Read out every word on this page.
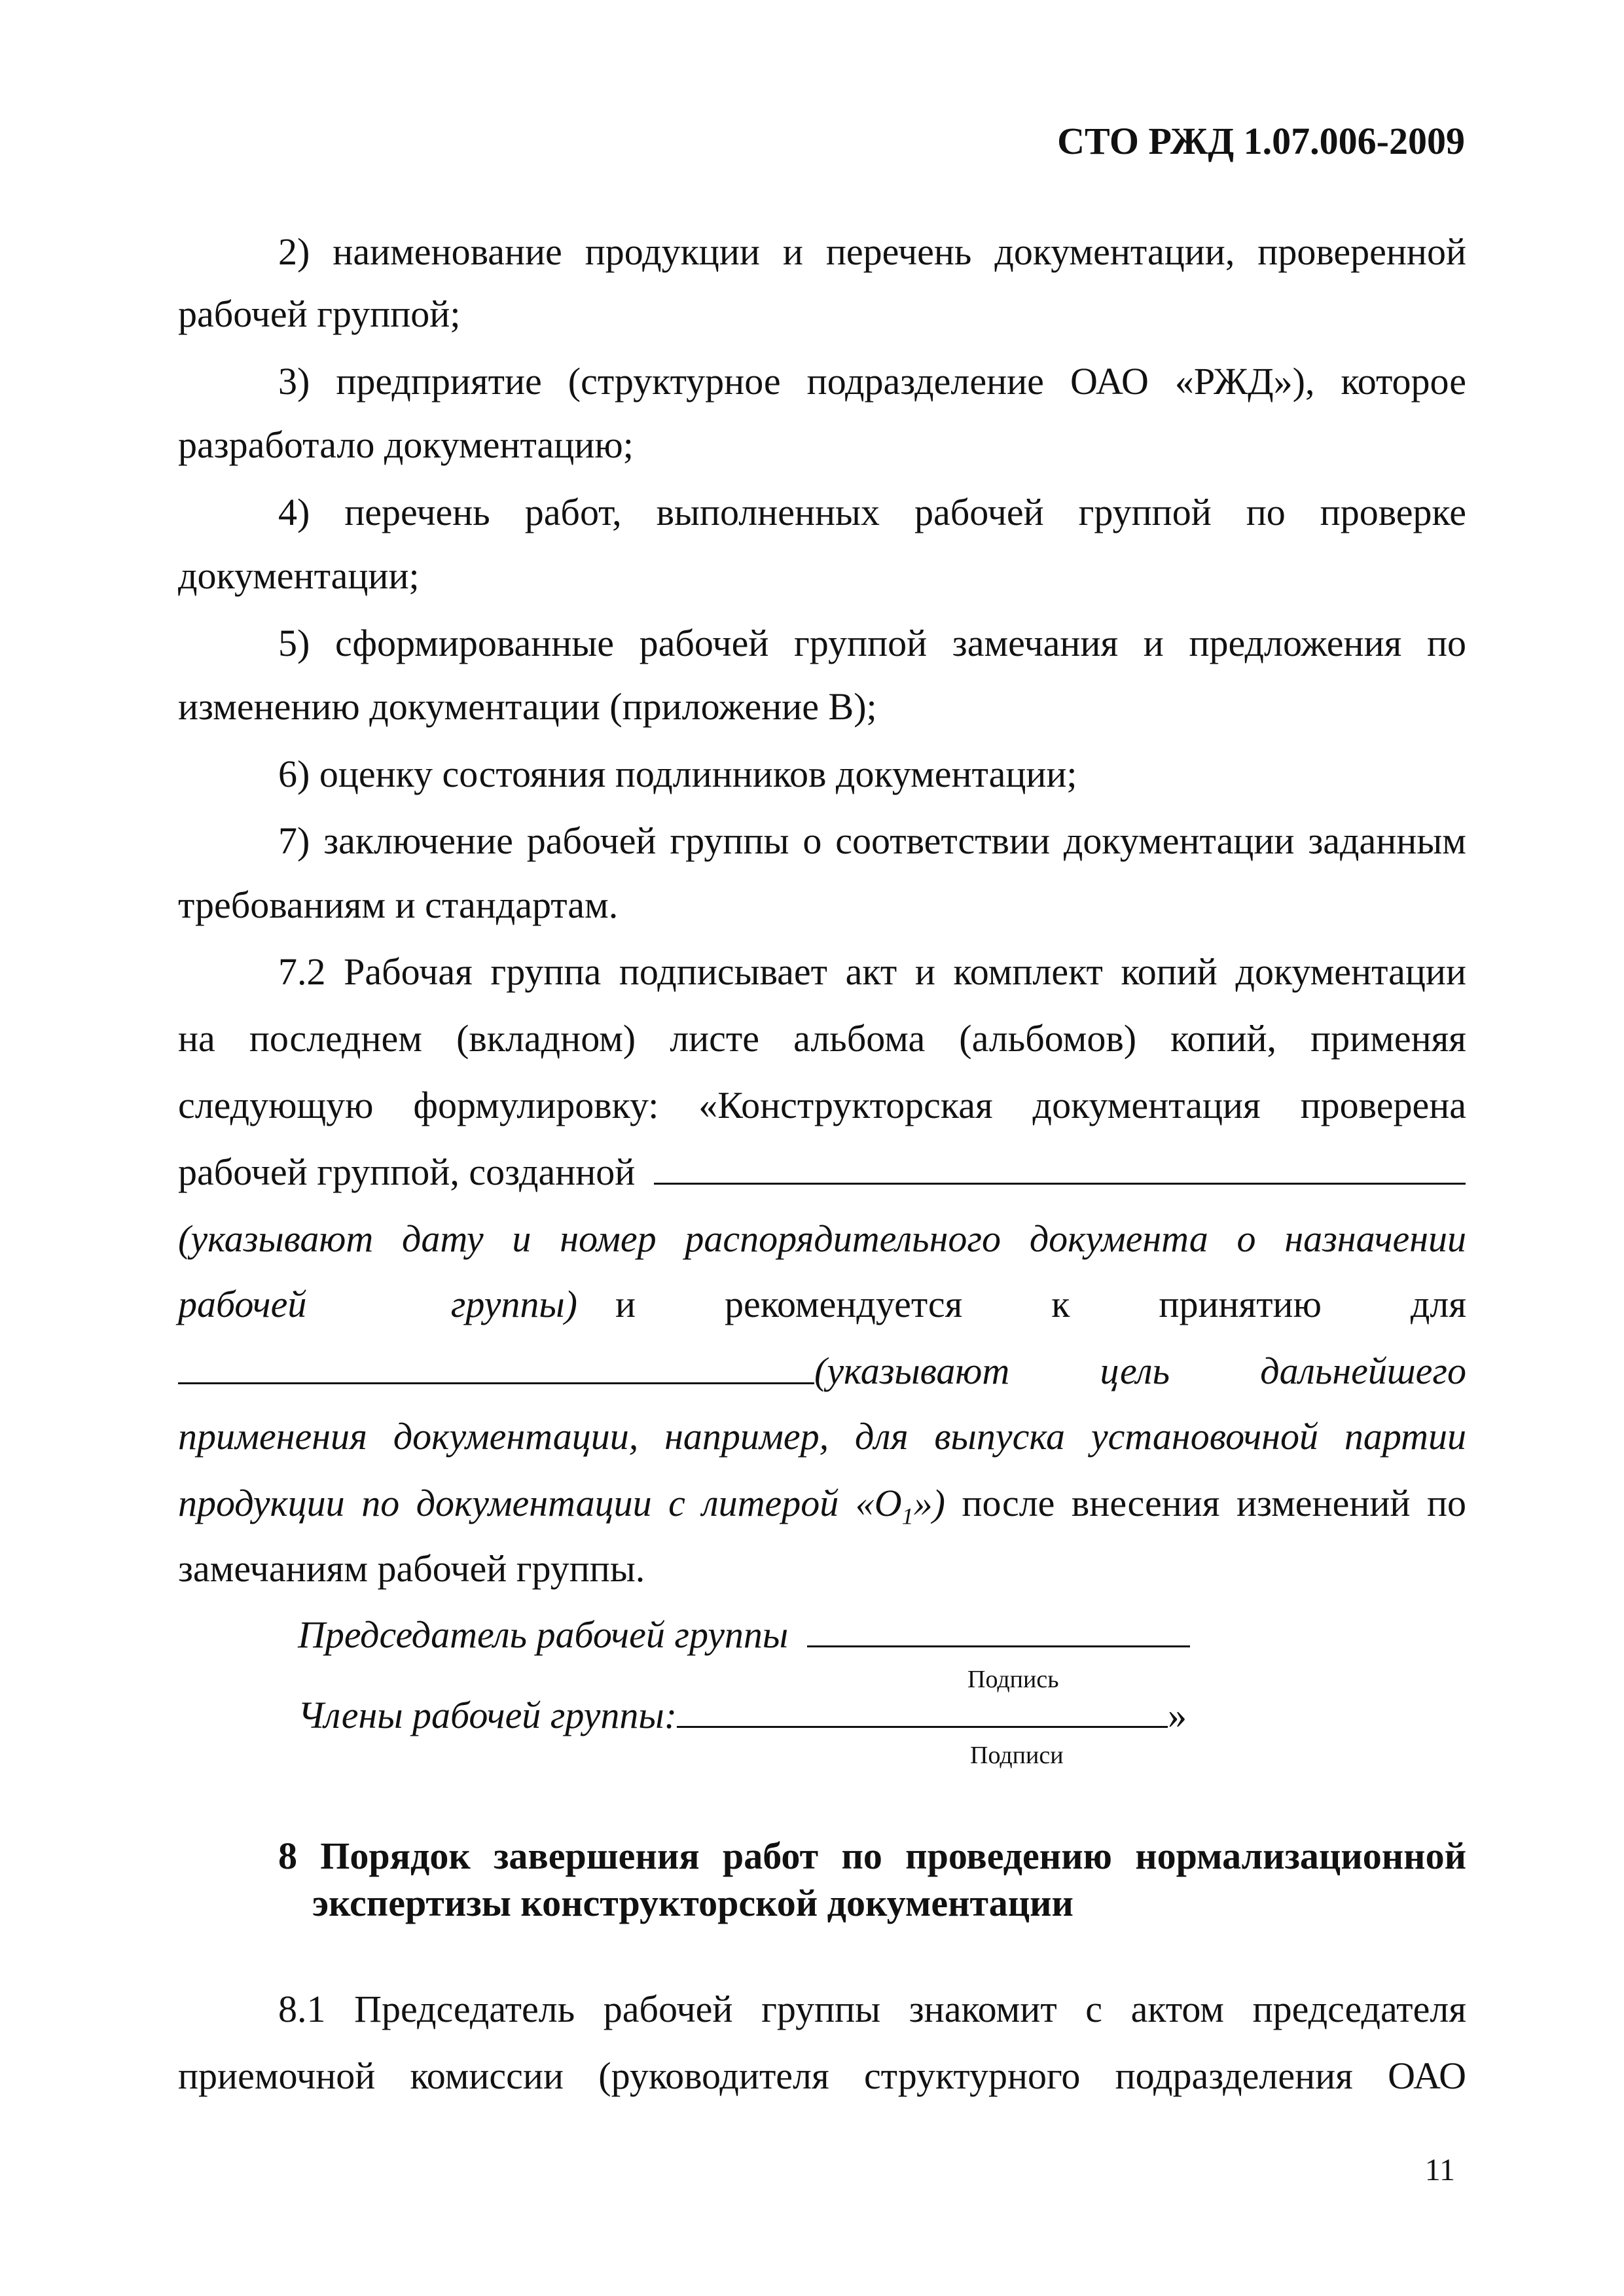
СТО РЖД 1.07.006-2009
2) наименование продукции и перечень документации, проверенной
рабочей группой;
3) предприятие (структурное подразделение ОАО «РЖД»), которое
разработало документацию;
4) перечень работ, выполненных рабочей группой по проверке
документации;
5) сформированные рабочей группой замечания и предложения по
изменению документации (приложение В);
6) оценку состояния подлинников документации;
7) заключение рабочей группы о соответствии документации заданным
требованиям и стандартам.
7.2 Рабочая группа подписывает акт и комплект копий документации
на последнем (вкладном) листе альбома (альбомов) копий, применяя
следующую формулировку: «Конструкторская документация проверена
рабочей группой, созданной
(указывают дату и номер распорядительного документа о назначении
рабочей группы) и рекомендуется к принятию для
(указывают цель дальнейшего
применения документации, например, для выпуска установочной партии
продукции по документации с литерой «$О_1$») после внесения изменений по
замечаниям рабочей группы.
Председатель рабочей группы
Подпись
Члены рабочей группы:	»
Подписи
8 Порядок завершения работ по проведению нормализационной
экспертизы конструкторской документации
8.1 Председатель рабочей группы знакомит с актом председателя
приемочной комиссии (руководителя структурного подразделения ОАО
11
